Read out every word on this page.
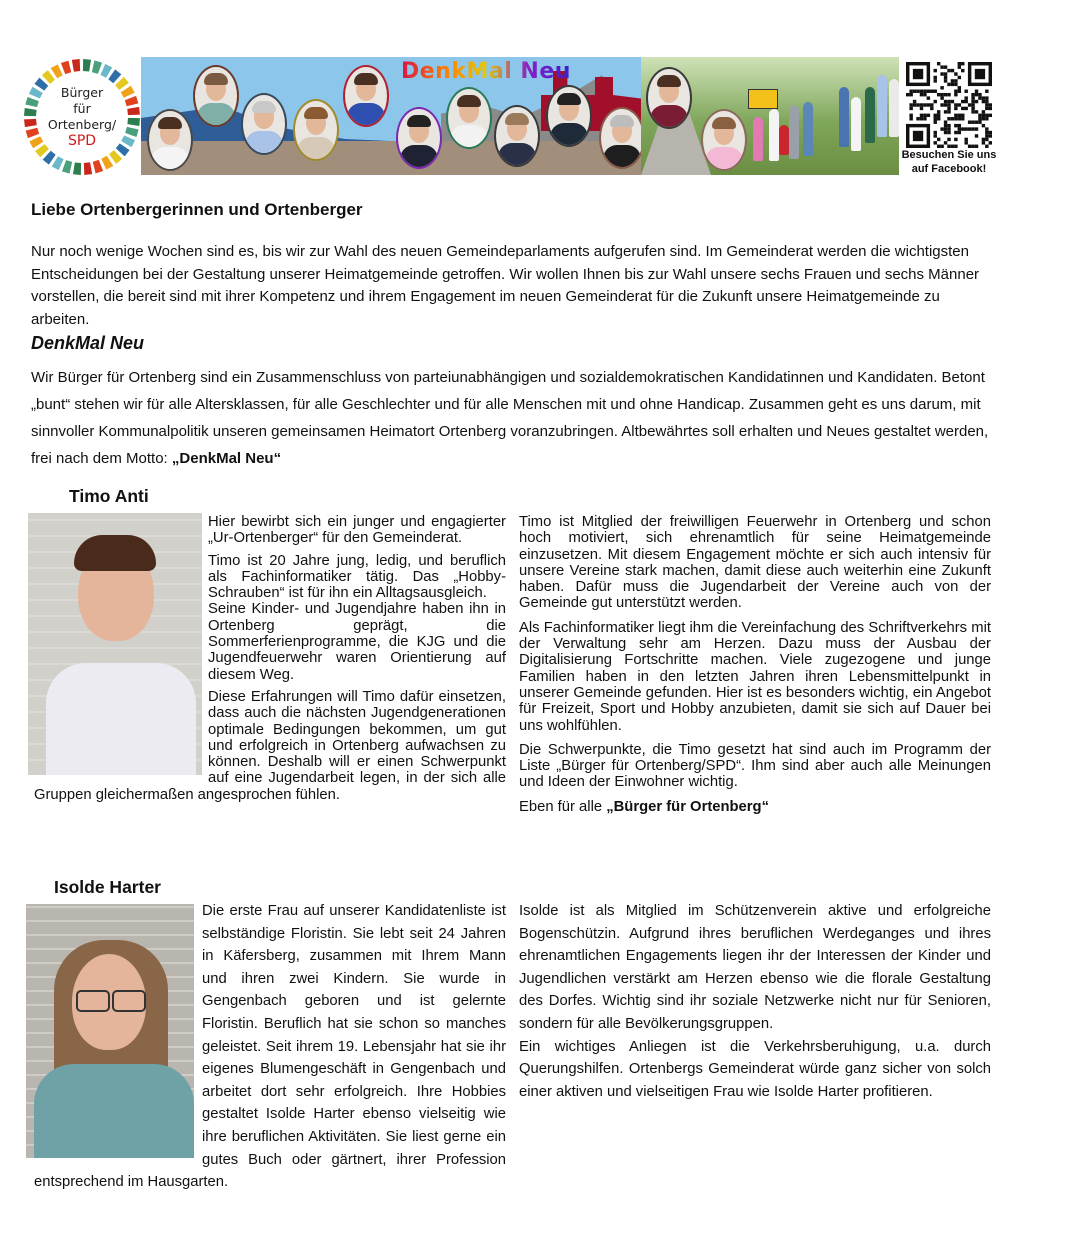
Bürger
für
Ortenberg/
SPD
DenkMal Neu
Besuchen Sie uns
auf Facebook!
Liebe Ortenbergerinnen und Ortenberger
Nur noch wenige Wochen sind es, bis wir zur Wahl des neuen Gemeindeparlaments aufgerufen sind. Im Gemeinderat werden die wichtigsten Entscheidungen bei der Gestaltung unserer Heimatgemeinde getroffen. Wir wollen Ihnen bis zur Wahl unsere sechs Frauen und sechs Männer vorstellen, die bereit sind mit ihrer Kompetenz und ihrem Engagement im neuen Gemeinderat für die Zukunft unsere Heimatgemeinde zu arbeiten.
DenkMal Neu
Wir Bürger für Ortenberg sind ein Zusammenschluss von parteiunabhängigen und sozialdemokratischen Kandidatinnen und Kandidaten. Betont „bunt“ stehen wir für alle Altersklassen, für alle Geschlechter und für alle Menschen mit und ohne Handicap. Zusammen geht es uns darum, mit sinnvoller Kommunalpolitik unseren gemeinsamen Heimatort Ortenberg voranzubringen. Altbewährtes soll erhalten und Neues gestaltet werden, frei nach dem Motto: „DenkMal Neu“
Timo Anti
Hier bewirbt sich ein junger und engagierter „Ur-Ortenberger“ für den Gemeinderat.
Timo ist 20 Jahre jung, ledig, und beruflich als Fachinformatiker tätig. Das „Hobby-Schrauben“ ist für ihn ein Alltagsausgleich.
Seine Kinder- und Jugendjahre haben ihn in Ortenberg geprägt, die Sommerferienprogramme, die KJG und die Jugendfeuerwehr waren Orientierung auf diesem Weg.
Diese Erfahrungen will Timo dafür einsetzen, dass auch die nächsten Jugendgenerationen optimale Bedingungen bekommen, um gut und erfolgreich in Ortenberg aufwachsen zu können. Deshalb will er einen Schwerpunkt auf eine Jugendarbeit legen, in der sich alle Gruppen gleichermaßen angesprochen fühlen.

Timo ist Mitglied der freiwilligen Feuerwehr in Ortenberg und schon hoch motiviert, sich ehrenamtlich für seine Heimatgemeinde einzusetzen. Mit diesem Engagement möchte er sich auch intensiv für unsere Vereine stark machen, damit diese auch weiterhin eine Zukunft haben. Dafür muss die Jugendarbeit der Vereine auch von der Gemeinde gut unterstützt werden.

Als Fachinformatiker liegt ihm die Vereinfachung des Schriftverkehrs mit der Verwaltung sehr am Herzen. Dazu muss der Ausbau der Digitalisierung Fortschritte machen. Viele zugezogene und junge Familien haben in den letzten Jahren ihren Lebensmittelpunkt in unserer Gemeinde gefunden. Hier ist es besonders wichtig, ein Angebot für Freizeit, Sport und Hobby anzubieten, damit sie sich auf Dauer bei uns wohlfühlen.

Die Schwerpunkte, die Timo gesetzt hat sind auch im Programm der Liste „Bürger für Ortenberg/SPD“. Ihm sind aber auch alle Meinungen und Ideen der Einwohner wichtig.

Eben für alle „Bürger für Ortenberg“

Isolde Harter
Die erste Frau auf unserer Kandidatenliste ist selbständige Floristin. Sie lebt seit 24 Jahren in Käfersberg, zusammen mit Ihrem Mann und ihren zwei Kindern. Sie wurde in Gengenbach geboren und ist gelernte Floristin. Beruflich hat sie schon so manches geleistet. Seit ihrem 19. Lebensjahr hat sie ihr eigenes Blumengeschäft in Gengenbach und arbeitet dort sehr erfolgreich. Ihre Hobbies gestaltet Isolde Harter ebenso vielseitig wie ihre beruflichen Aktivitäten. Sie liest gerne ein gutes Buch oder gärtnert, ihrer Profession entsprechend im Hausgarten.

Isolde ist als Mitglied im Schützenverein aktive und erfolgreiche Bogenschützin. Aufgrund ihres beruflichen Werdeganges und ihres ehrenamtlichen Engagements liegen ihr der Interessen der Kinder und Jugendlichen verstärkt am Herzen ebenso wie die florale Gestaltung des Dorfes. Wichtig sind ihr soziale Netzwerke nicht nur für Senioren, sondern für alle Bevölkerungsgruppen.

Ein wichtiges Anliegen ist die Verkehrsberuhigung, u.a. durch Querungshilfen. Ortenbergs Gemeinderat würde ganz sicher von solch einer aktiven und vielseitigen Frau wie Isolde Harter profitieren.
